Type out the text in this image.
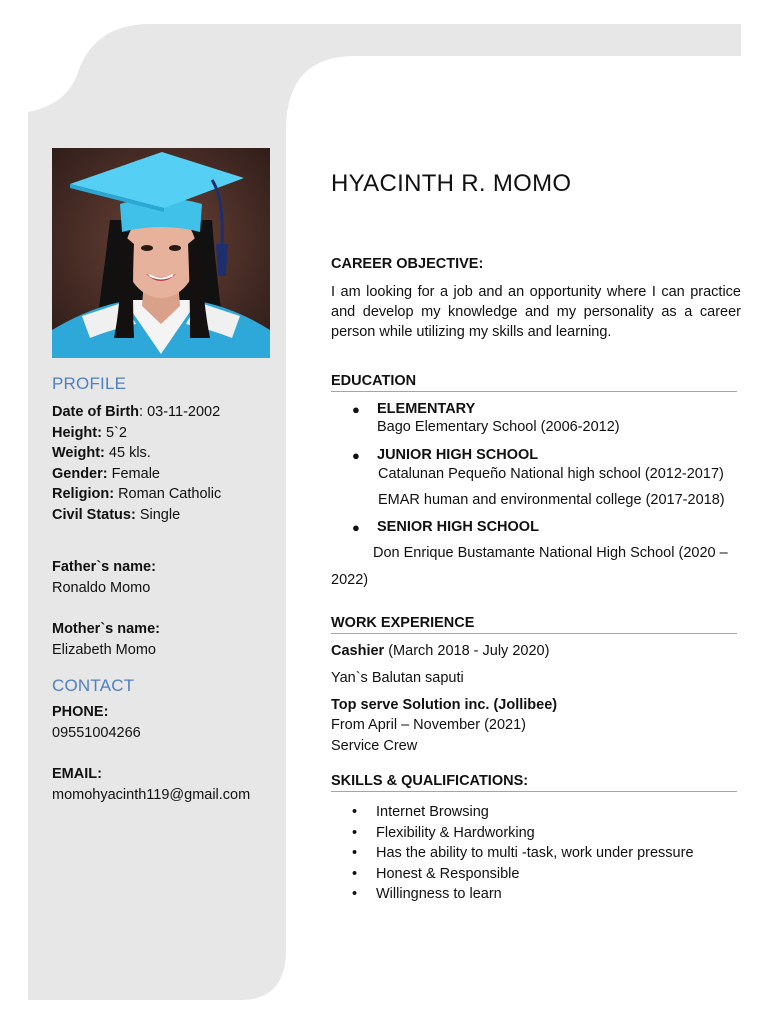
PROFILE
Date of Birth: 03-11-2002
Height: 5`2
Weight: 45 kls.
Gender: Female
Religion: Roman Catholic
Civil Status: Single
Father`s name:
Ronaldo Momo
Mother`s name:
Elizabeth Momo
CONTACT
PHONE:
09551004266
EMAIL:
momohyacinth119@gmail.com
HYACINTH R. MOMO
CAREER OBJECTIVE:
I am looking for a job and an opportunity where I can practice and develop my knowledge and my personality as a career person while utilizing my skills and learning.
EDUCATION
● ELEMENTARY
Bago Elementary School (2006-2012)
● JUNIOR HIGH SCHOOL
Catalunan Pequeño National high school (2012-2017)
EMAR human and environmental college (2017-2018)
● SENIOR HIGH SCHOOL
Don Enrique Bustamante National High School (2020 –
2022)
WORK EXPERIENCE
Cashier (March 2018 - July 2020)
Yan`s Balutan saputi
Top serve Solution inc. (Jollibee)
From April – November (2021)
Service Crew
SKILLS & QUALIFICATIONS:
• Internet Browsing
• Flexibility & Hardworking
• Has the ability to multi -task, work under pressure
• Honest & Responsible
• Willingness to learn
